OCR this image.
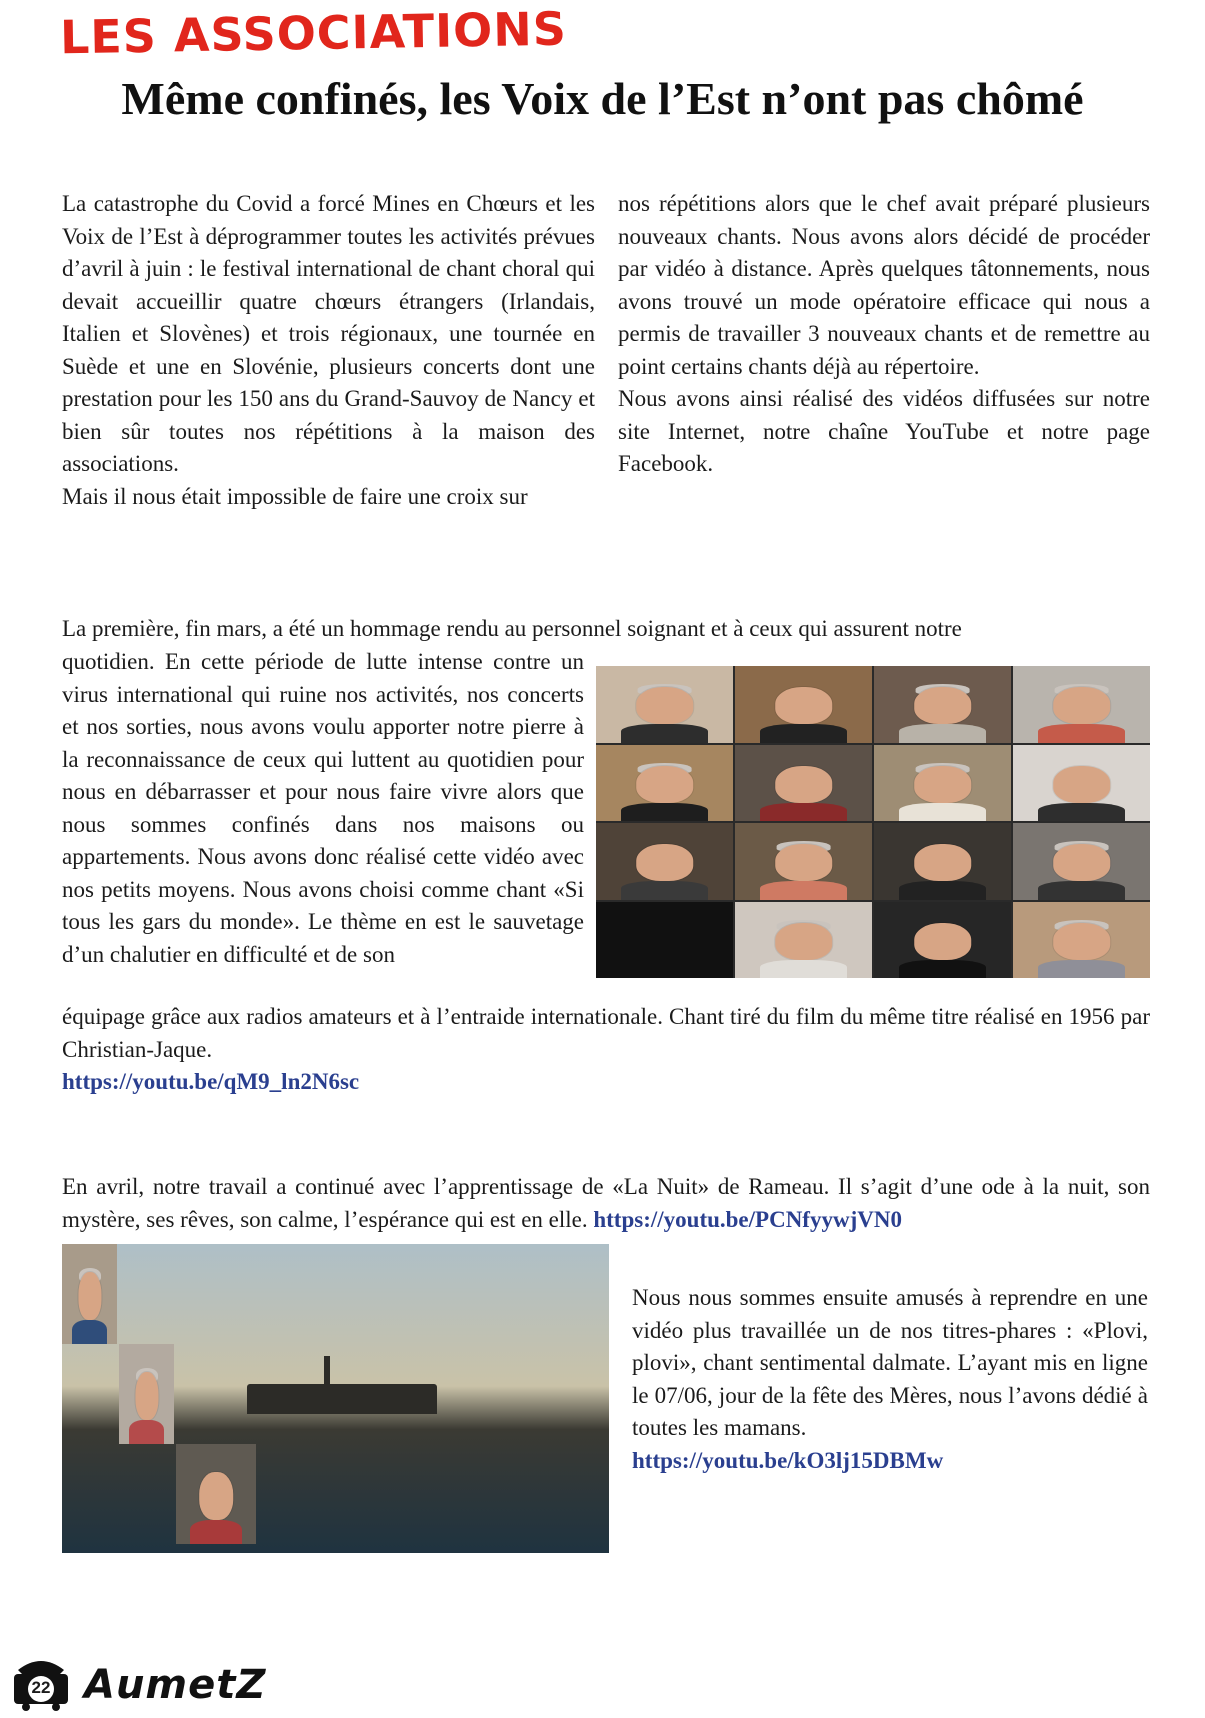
LES ASSOCIATIONS
Même confinés, les Voix de l’Est n’ont pas chômé

La catastrophe du Covid a forcé Mines en Chœurs et les Voix de l’Est à déprogrammer toutes les activités prévues d’avril à juin : le festival international de chant choral qui devait accueillir quatre chœurs étrangers (Irlandais, Italien et Slovènes) et trois régionaux, une tournée en Suède et une en Slovénie, plusieurs concerts dont une prestation pour les 150 ans du Grand-Sauvoy de Nancy et bien sûr toutes nos répétitions à la maison des associations.

Mais il nous était impossible de faire une croix sur

nos répétitions alors que le chef avait préparé plusieurs nouveaux chants. Nous avons alors décidé de procéder par vidéo à distance. Après quelques tâtonnements, nous avons trouvé un mode opératoire efficace qui nous a permis de travailler 3 nouveaux chants et de remettre au point certains chants déjà au répertoire.

Nous avons ainsi réalisé des vidéos diffusées sur notre site Internet, notre chaîne YouTube et notre page Facebook.

La première, fin mars, a été un hommage rendu au personnel soignant et à ceux qui assurent notre
quotidien. En cette période de lutte intense contre un virus international qui ruine nos activités, nos concerts et nos sorties, nous avons voulu apporter notre pierre à la reconnaissance de ceux qui luttent au quotidien pour nous en débarrasser et pour nous faire vivre alors que nous sommes confinés dans nos maisons ou appartements. Nous avons donc réalisé cette vidéo avec nos petits moyens. Nous avons choisi comme chant «Si tous les gars du monde». Le thème en est le sauvetage d’un chalutier en difficulté et de son
équipage grâce aux radios amateurs et à l’entraide internationale. Chant tiré du film du même titre réalisé en 1956 par Christian-Jaque.
https://youtu.be/qM9_ln2N6sc
En avril, notre travail a continué avec l’apprentissage de «La Nuit» de Rameau. Il s’agit d’une ode à la nuit, son mystère, ses rêves, son calme, l’espérance qui est en elle. https://youtu.be/PCNfyywjVN0

Nous nous sommes ensuite amusés à reprendre en une vidéo plus travaillée un de nos titres-phares : «Plovi, plovi», chant sentimental dalmate. L’ayant mis en ligne le 07/06, jour de la fête des Mères, nous l’avons dédié à toutes les mamans.

https://youtu.be/kO3lj15DBMw

22 AumetZ
